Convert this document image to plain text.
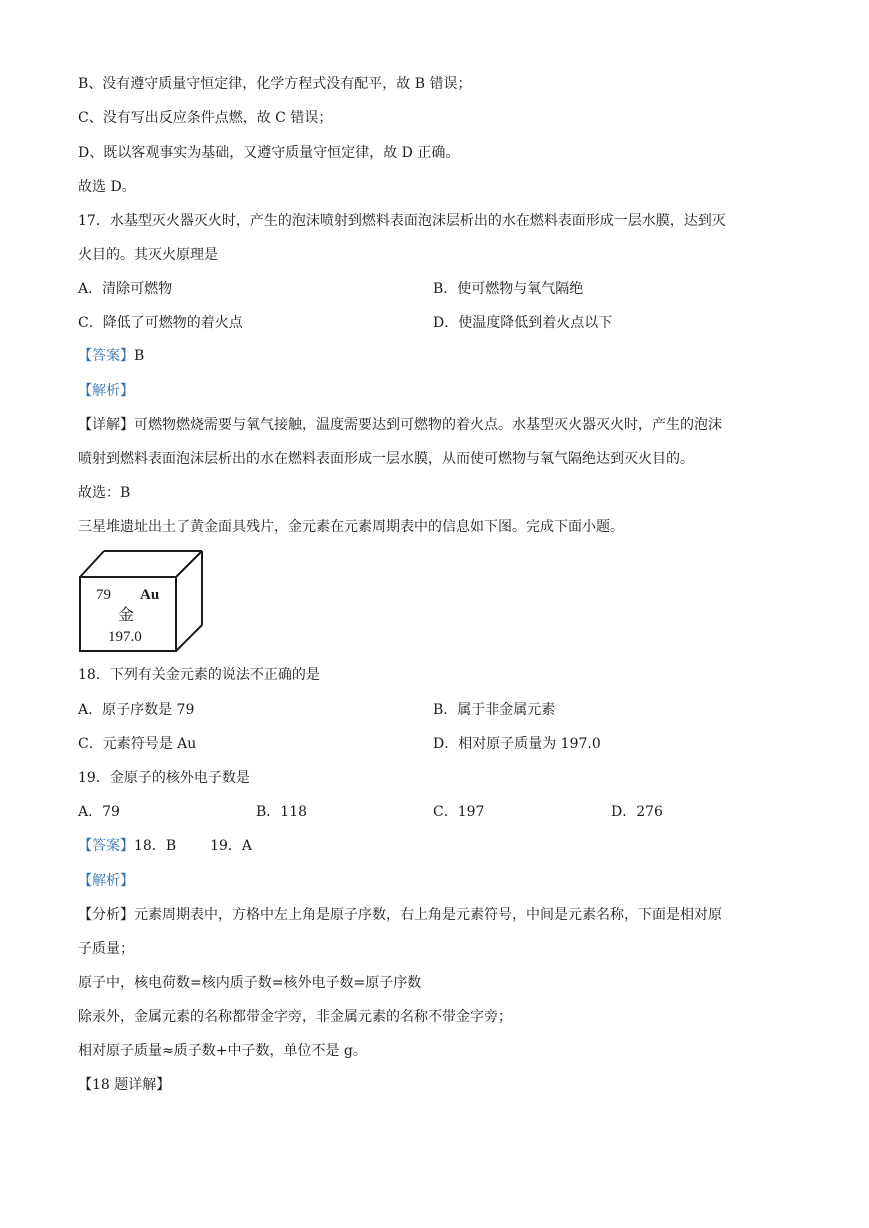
B、没有遵守质量守恒定律，化学方程式没有配平，故 B 错误；
C、没有写出反应条件点燃，故 C 错误；
D、既以客观事实为基础，又遵守质量守恒定律，故 D 正确。
故选 D。
17．水基型灭火器灭火时，产生的泡沫喷射到燃料表面泡沫层析出的水在燃料表面形成一层水膜，达到灭
火目的。其灭火原理是
A．清除可燃物	B．使可燃物与氧气隔绝
C．降低了可燃物的着火点	D．使温度降低到着火点以下
【答案】B
【解析】
【详解】可燃物燃烧需要与氧气接触，温度需要达到可燃物的着火点。水基型灭火器灭火时，产生的泡沫
喷射到燃料表面泡沫层析出的水在燃料表面形成一层水膜，从而使可燃物与氧气隔绝达到灭火目的。
故选：B
三星堆遗址出土了黄金面具残片，金元素在元素周期表中的信息如下图。完成下面小题。
79 Au
金
197.0
18．下列有关金元素的说法不正确的是
A．原子序数是 79	B．属于非金属元素
C．元素符号是 Au	D．相对原子质量为 197.0
19．金原子的核外电子数是
A．79	B．118	C．197	D．276
【答案】18．B 19．A
【解析】
【分析】元素周期表中，方格中左上角是原子序数，右上角是元素符号，中间是元素名称，下面是相对原
子质量；
原子中，核电荷数=核内质子数=核外电子数=原子序数
除汞外，金属元素的名称都带金字旁，非金属元素的名称不带金字旁；
相对原子质量≈质子数+中子数，单位不是 g。
【18 题详解】
